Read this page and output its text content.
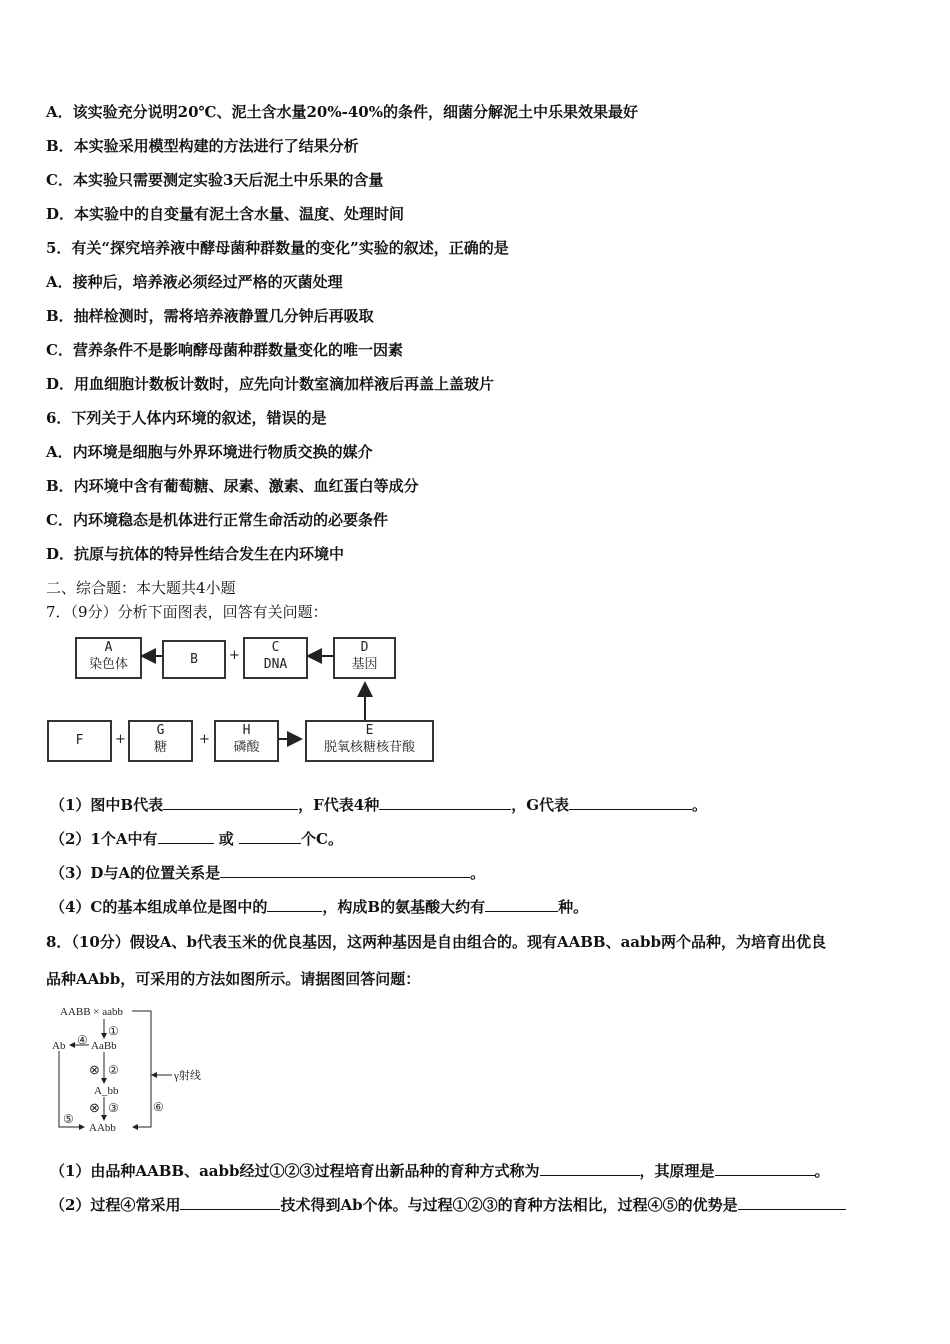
A．该实验充分说明20℃、泥土含水量20%-40%的条件，细菌分解泥土中乐果效果最好
B．本实验采用模型构建的方法进行了结果分析
C．本实验只需要测定实验3天后泥土中乐果的含量
D．本实验中的自变量有泥土含水量、温度、处理时间
5．有关“探究培养液中酵母菌种群数量的变化”实验的叙述，正确的是
A．接种后，培养液必须经过严格的灭菌处理
B．抽样检测时，需将培养液静置几分钟后再吸取
C．营养条件不是影响酵母菌种群数量变化的唯一因素
D．用血细胞计数板计数时，应先向计数室滴加样液后再盖上盖玻片
6．下列关于人体内环境的叙述，错误的是
A．内环境是细胞与外界环境进行物质交换的媒介
B．内环境中含有葡萄糖、尿素、激素、血红蛋白等成分
C．内环境稳态是机体进行正常生命活动的必要条件
D．抗原与抗体的特异性结合发生在内环境中
二、综合题：本大题共4小题
7．（9分）分析下面图表，回答有关问题：
A
染色体	B	+
C
DNA
D
基因
F	+
G
糖
+
H
磷酸
E
脱氧核糖核苷酸
（1）图中B代表	，F代表4种	，G代表	。
（2）1个A中有	或	个C。
（3）D与A的位置关系是	。
（4）C的基本组成单位是图中的	，构成B的氨基酸大约有	种。
8．（10分）假设A、b代表玉米的优良基因，这两种基因是自由组合的。现有AABB、aabb两个品种，为培育出优良
品种AAbb，可采用的方法如图所示。请据图回答问题：
AABB × aabb
①
Ab ④ AaBb
⊗ ②
A_bb
γ射线
⊗ ③	⑥
⑤
AAbb
（1）由品种AABB、aabb经过①②③过程培育出新品种的育种方式称为	，其原理是	。
（2）过程④常采用	技术得到Ab个体。与过程①②③的育种方法相比，过程④⑤的优势是
